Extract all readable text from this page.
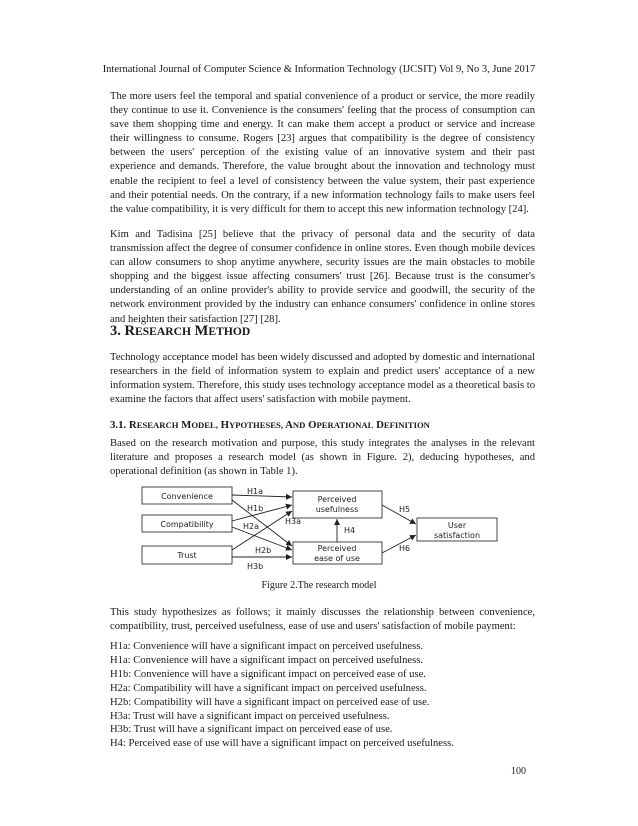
International Journal of Computer Science & Information Technology (IJCSIT) Vol 9, No 3, June 2017

The more users feel the temporal and spatial convenience of a product or service, the more readily they continue to use it. Convenience is the consumers' feeling that the process of consumption can save them shopping time and energy. It can make them accept a product or service and increase their willingness to consume. Rogers [23] argues that compatibility is the degree of consistency between the users' perception of the existing value of an innovative system and their past experience and demands. Therefore, the value brought about the innovation and technology must enable the recipient to feel a level of consistency between the value system, their past experience and their potential needs. On the contrary, if a new information technology fails to make users feel the value compatibility, it is very difficult for them to accept this new information technology [24].

Kim and Tadisina [25] believe that the privacy of personal data and the security of data transmission affect the degree of consumer confidence in online stores. Even though mobile devices can allow consumers to shop anytime anywhere, security issues are the main obstacles to mobile shopping and the biggest issue affecting consumers' trust [26]. Because trust is the consumer's understanding of an online provider's ability to provide service and goodwill, the security of the network environment provided by the industry can enhance consumers' confidence in online stores and heighten their satisfaction [27] [28].

3. RESEARCH METHOD

Technology acceptance model has been widely discussed and adopted by domestic and international researchers in the field of information system to explain and predict users' acceptance of a new information system. Therefore, this study uses technology acceptance model as a theoretical basis to examine the factors that affect users' satisfaction with mobile payment.

3.1. RESEARCH MODEL, HYPOTHESES, AND OPERATIONAL DEFINITION

Based on the research motivation and purpose, this study integrates the analyses in the relevant literature and proposes a research model (as shown in Figure. 2), deducing hypotheses, and operational definition (as shown in Table 1).

Convenience
Compatibility
Trust
Perceived
usefulness
Perceived
ease of use
User
satisfaction
H1a
H1b
H2a
H3a
H4
H2b
H3b
H5
H6
Figure 2.The research model

This study hypothesizes as follows; it mainly discusses the relationship between convenience, compatibility, trust, perceived usefulness, ease of use and users' satisfaction of mobile payment:

H1a: Convenience will have a significant impact on perceived usefulness.

H1a: Convenience will have a significant impact on perceived usefulness.

H1b: Convenience will have a significant impact on perceived ease of use.

H2a: Compatibility will have a significant impact on perceived usefulness.

H2b: Compatibility will have a significant impact on perceived ease of use.

H3a: Trust will have a significant impact on perceived usefulness.

H3b: Trust will have a significant impact on perceived ease of use.

H4: Perceived ease of use will have a significant impact on perceived usefulness.

100
